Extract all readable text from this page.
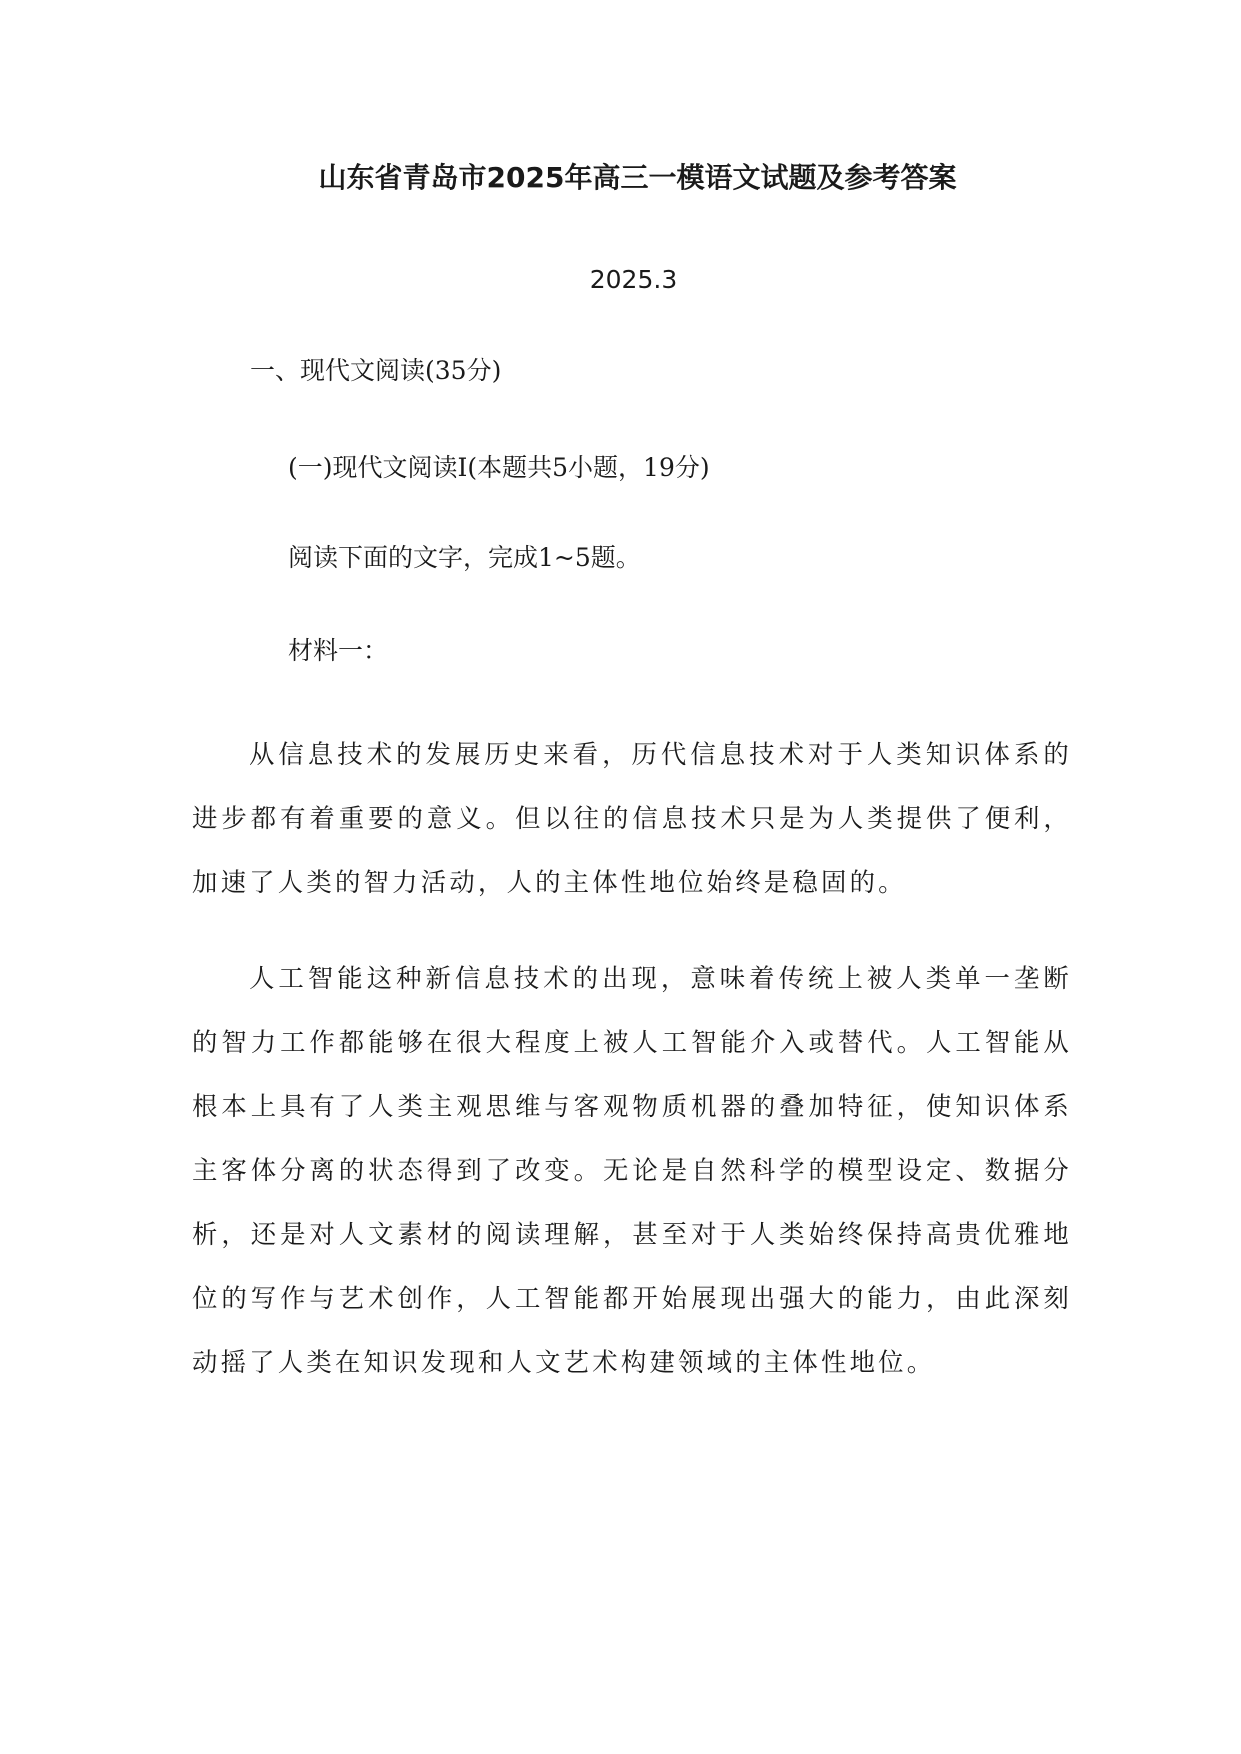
山东省青岛市2025年高三一模语文试题及参考答案
2025.3
一、现代文阅读(35分)
(一)现代文阅读Ⅰ(本题共5小题，19分)
阅读下面的文字，完成1~5题。
材料一：

从信息技术的发展历史来看，历代信息技术对于人类知识体系的进步都有着重要的意义。但以往的信息技术只是为人类提供了便利，加速了人类的智力活动，人的主体性地位始终是稳固的。

人工智能这种新信息技术的出现，意味着传统上被人类单一垄断的智力工作都能够在很大程度上被人工智能介入或替代。人工智能从根本上具有了人类主观思维与客观物质机器的叠加特征，使知识体系主客体分离的状态得到了改变。无论是自然科学的模型设定、数据分析，还是对人文素材的阅读理解，甚至对于人类始终保持高贵优雅地位的写作与艺术创作，人工智能都开始展现出强大的能力，由此深刻动摇了人类在知识发现和人文艺术构建领域的主体性地位。
